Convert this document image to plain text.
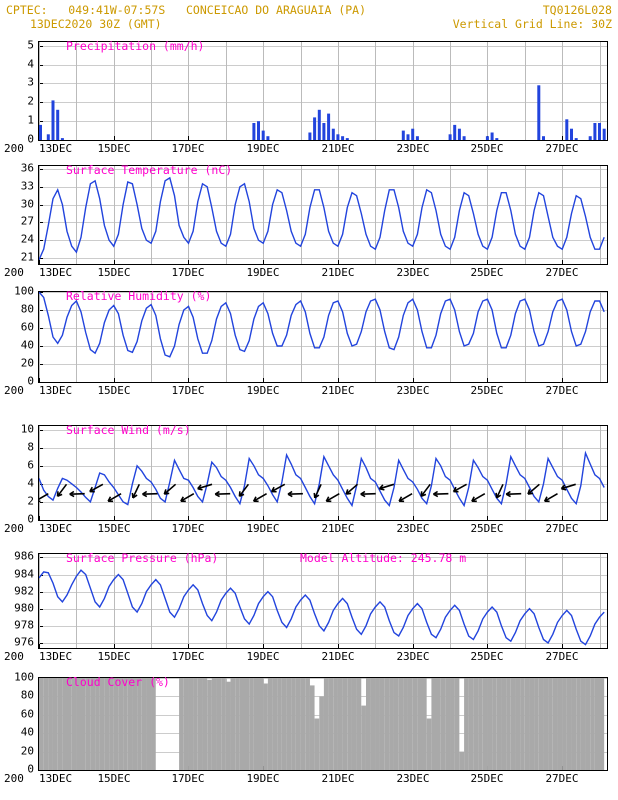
CPTEC:   049:41W-07:57S   CONCEICAO DO ARAGUAIA (PA)
13DEC2020 30Z (GMT)	Vertical Grid Line: 30Z
TQ0126L028
0
1
2
3
4
5
13DEC 15DEC	17DEC	19DEC	21DEC	23DEC	25DEC	27DEC
200
Precipitation (mm/h)
21
24
27
30
33
36
13DEC 15DEC	17DEC	19DEC	21DEC	23DEC	25DEC	27DEC
200
Surface Temperature (nC)
0
20
40
60
80
100
13DEC 15DEC	17DEC	19DEC	21DEC	23DEC	25DEC	27DEC
200
Relative Humidity (%)
0
2
4
6
8
10
13DEC 15DEC	17DEC	19DEC	21DEC	23DEC	25DEC	27DEC
200
Surface Wind (m/s)
976
978
980
982
984
986
13DEC 15DEC	17DEC	19DEC	21DEC	23DEC	25DEC	27DEC
200
Surface Pressure (hPa)	Model Altitude: 245.78 m
0
20
40
60
80
100
13DEC 15DEC	17DEC	19DEC	21DEC	23DEC	25DEC	27DEC
200
Cloud Cover (%)
